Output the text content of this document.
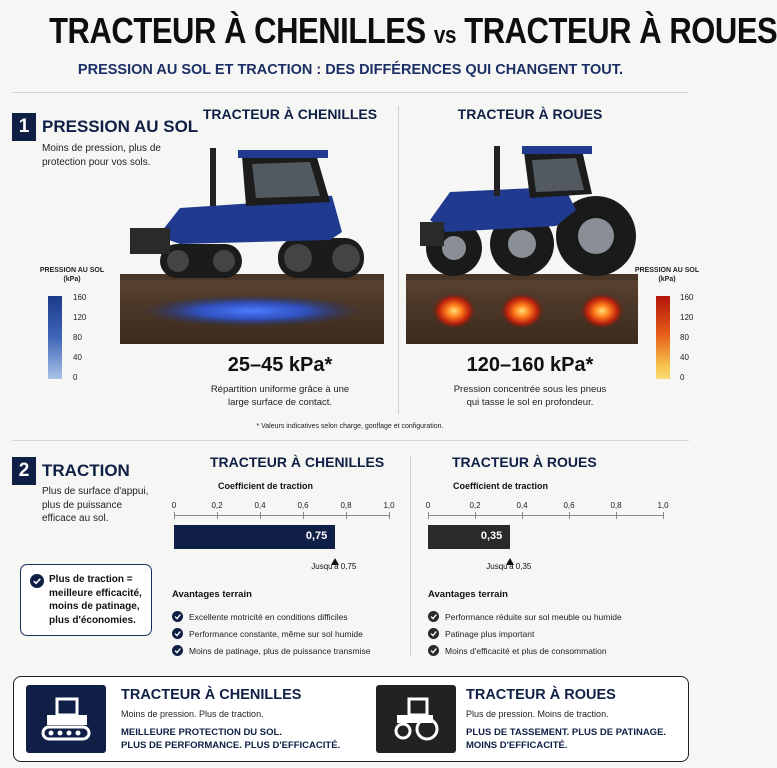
TRACTEUR À CHENILLES vs TRACTEUR À ROUES
PRESSION AU SOL ET TRACTION : DES DIFFÉRENCES QUI CHANGENT TOUT.
1 PRESSION AU SOL
Moins de pression, plus de
protection pour vos sols.
TRACTEUR À CHENILLES	TRACTEUR À ROUES
PRESSION AU SOL
(kPa)
160
120
80
40
0
PRESSION AU SOL
(kPa)
160
120
80
40
0
25–45 kPa*
Répartition uniforme grâce à une
large surface de contact.
120–160 kPa*
Pression concentrée sous les pneus
qui tasse le sol en profondeur.
* Valeurs indicatives selon charge, gonflage et configuration.
2 TRACTION
Plus de surface d'appui,
plus de puissance
efficace au sol.
Plus de traction =
meilleure efficacité,
moins de patinage,
plus d'économies.
TRACTEUR À CHENILLES
Coefficient de traction
0	0,2	0,4	0,6	0,8	1,0
0,75
Jusqu'à 0,75
Avantages terrain
Excellente motricité en conditions difficiles
Performance constante, même sur sol humide
Moins de patinage, plus de puissance transmise
TRACTEUR À ROUES
Coefficient de traction
0	0,2	0,4	0,6	0,8	1,0
0,35
Jusqu'à 0,35
Avantages terrain
Performance réduite sur sol meuble ou humide
Patinage plus important
Moins d'efficacité et plus de consommation
TRACTEUR À CHENILLES
Moins de pression. Plus de traction.
MEILLEURE PROTECTION DU SOL.
PLUS DE PERFORMANCE. PLUS D'EFFICACITÉ.
TRACTEUR À ROUES
Plus de pression. Moins de traction.
PLUS DE TASSEMENT. PLUS DE PATINAGE.
MOINS D'EFFICACITÉ.
